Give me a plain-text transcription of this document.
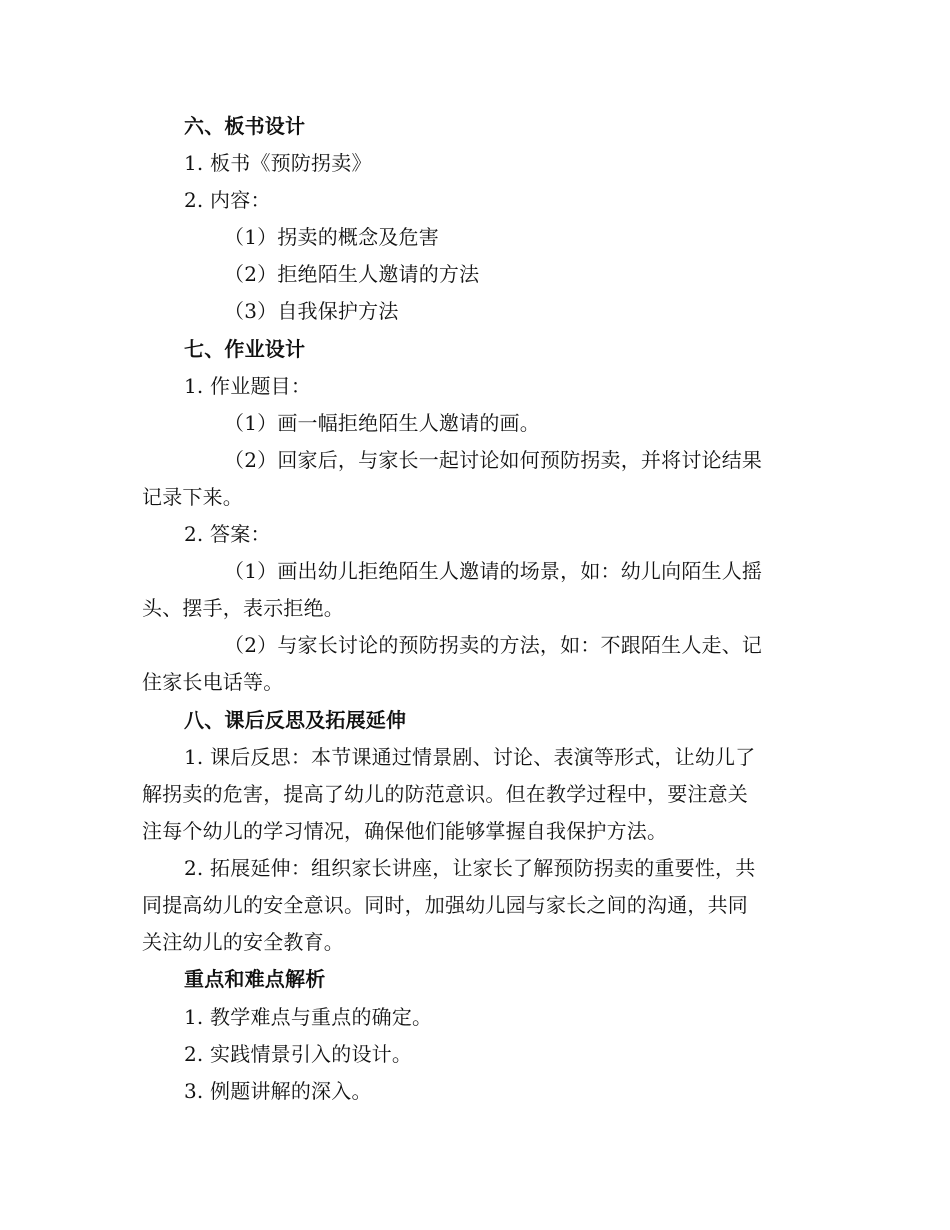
六、板书设计
1. 板书《预防拐卖》
2. 内容：
（1）拐卖的概念及危害
（2）拒绝陌生人邀请的方法
（3）自我保护方法
七、作业设计
1. 作业题目：
（1）画一幅拒绝陌生人邀请的画。
（2）回家后，与家长一起讨论如何预防拐卖，并将讨论结果
记录下来。
2. 答案：
（1）画出幼儿拒绝陌生人邀请的场景，如：幼儿向陌生人摇
头、摆手，表示拒绝。
（2）与家长讨论的预防拐卖的方法，如：不跟陌生人走、记
住家长电话等。
八、课后反思及拓展延伸
1. 课后反思：本节课通过情景剧、讨论、表演等形式，让幼儿了
解拐卖的危害，提高了幼儿的防范意识。但在教学过程中，要注意关
注每个幼儿的学习情况，确保他们能够掌握自我保护方法。
2. 拓展延伸：组织家长讲座，让家长了解预防拐卖的重要性，共
同提高幼儿的安全意识。同时，加强幼儿园与家长之间的沟通，共同
关注幼儿的安全教育。
重点和难点解析
1. 教学难点与重点的确定。
2. 实践情景引入的设计。
3. 例题讲解的深入。
